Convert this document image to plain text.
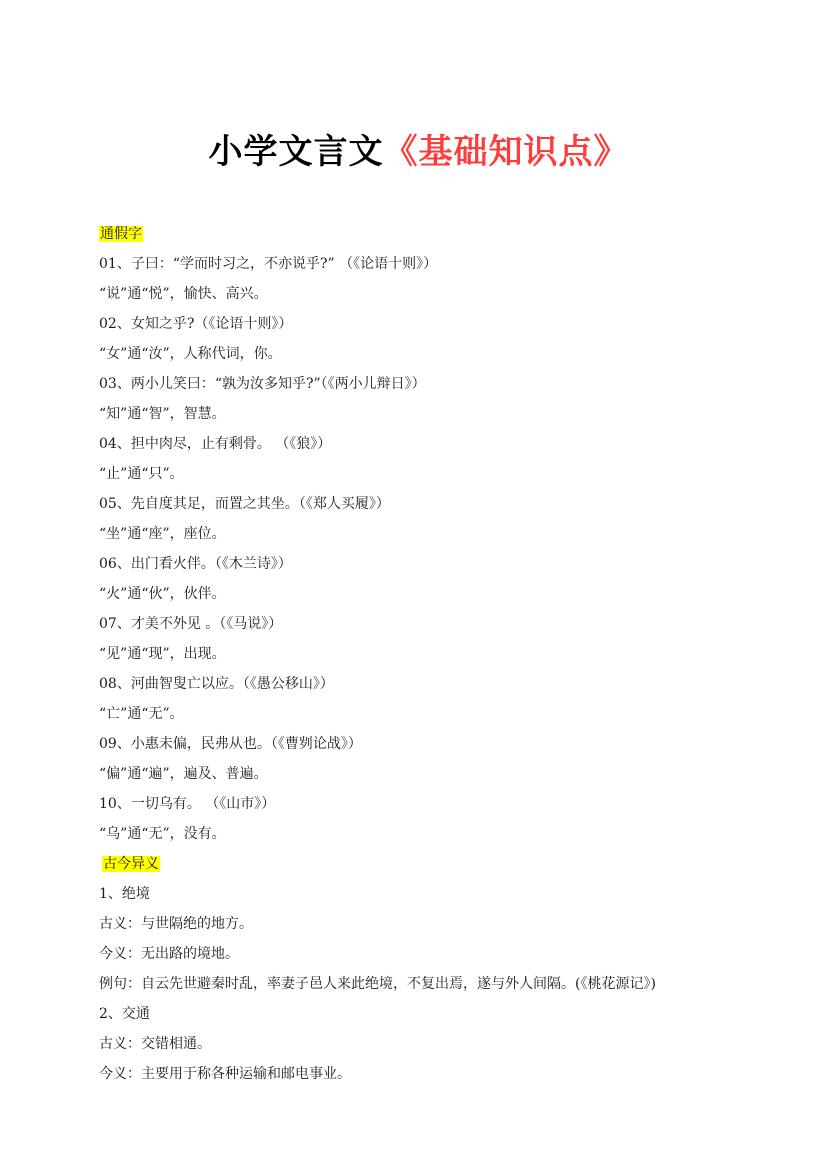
小学文言文《基础知识点》
通假字
01、子曰：“学而时习之，不亦说乎?” （《论语十则》）
“说”通“悦”，愉快、高兴。
02、女知之乎?（《论语十则》）
“女”通“汝”，人称代词，你。
03、两小儿笑曰：“孰为汝多知乎?”（《两小儿辩日》）
“知”通“智”，智慧。
04、担中肉尽，止有剩骨。 （《狼》）
“止”通“只”。
05、先自度其足，而置之其坐。（《郑人买履》）
“坐”通“座”，座位。
06、出门看火伴。（《木兰诗》）
“火”通“伙”，伙伴。
07、才美不外见 。（《马说》）
“见”通“现”，出现。
08、河曲智叟亡以应。（《愚公移山》）
“亡”通“无”。
09、小惠未偏，民弗从也。（《曹刿论战》）
“偏”通“遍”，遍及、普遍。
10、一切乌有。 （《山市》）
“乌”通“无”，没有。
古今异义
1、绝境
古义：与世隔绝的地方。
今义：无出路的境地。
例句：自云先世避秦时乱，率妻子邑人来此绝境，不复出焉，遂与外人间隔。(《桃花源记》)
2、交通
古义：交错相通。
今义：主要用于称各种运输和邮电事业。
